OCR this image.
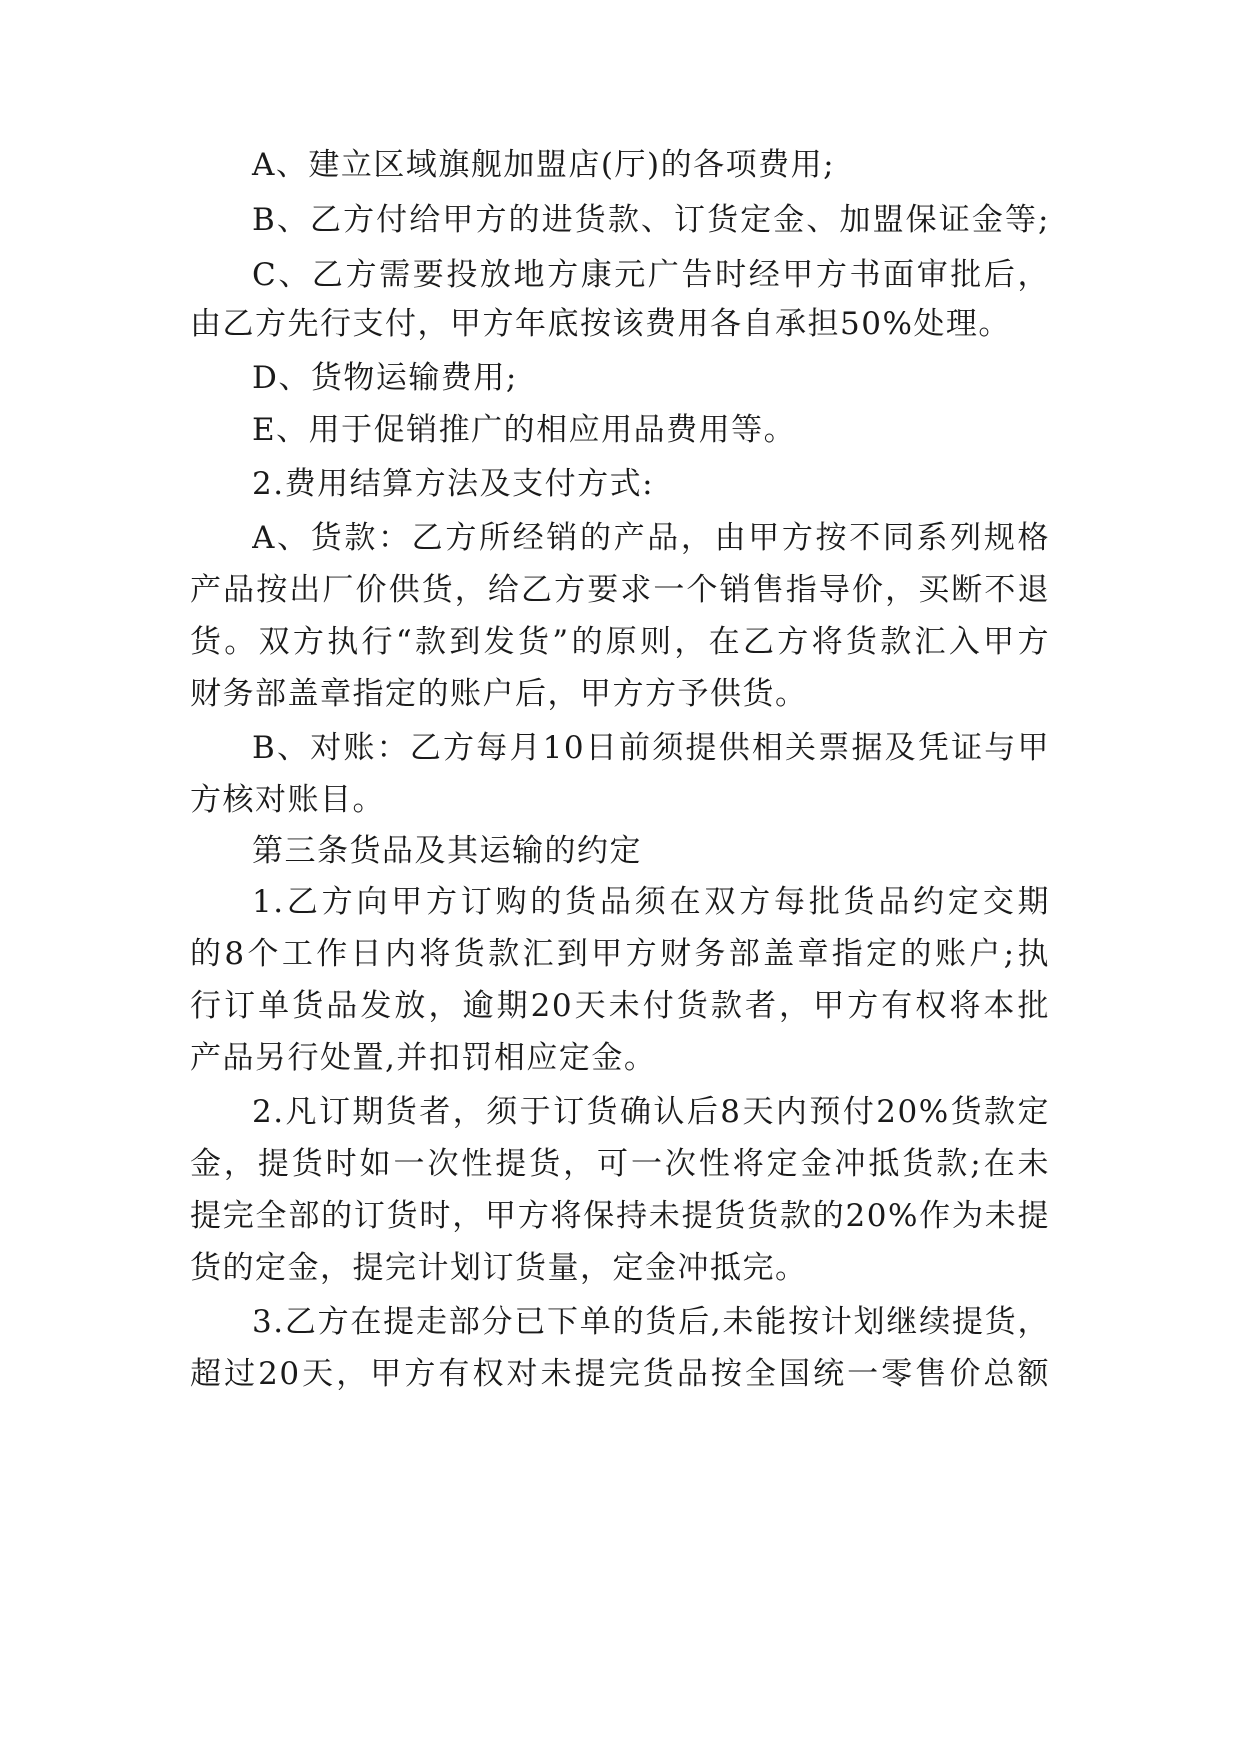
A、建立区域旗舰加盟店(厅)的各项费用;
B、乙方付给甲方的进货款、订货定金、加盟保证金等;
C、乙方需要投放地方康元广告时经甲方书面审批后，
由乙方先行支付，甲方年底按该费用各自承担50%处理。
D、货物运输费用;
E、用于促销推广的相应用品费用等。
2.费用结算方法及支付方式:
A、货款：乙方所经销的产品，由甲方按不同系列规格
产品按出厂价供货，给乙方要求一个销售指导价，买断不退
货。双方执行“款到发货”的原则，在乙方将货款汇入甲方
财务部盖章指定的账户后，甲方方予供货。
B、对账：乙方每月10日前须提供相关票据及凭证与甲
方核对账目。
第三条货品及其运输的约定
1.乙方向甲方订购的货品须在双方每批货品约定交期
的8个工作日内将货款汇到甲方财务部盖章指定的账户;执
行订单货品发放，逾期20天未付货款者，甲方有权将本批
产品另行处置,并扣罚相应定金。
2.凡订期货者，须于订货确认后8天内预付20%货款定
金，提货时如一次性提货，可一次性将定金冲抵货款;在未
提完全部的订货时，甲方将保持未提货货款的20%作为未提
货的定金，提完计划订货量，定金冲抵完。
3.乙方在提走部分已下单的货后,未能按计划继续提货，
超过20天，甲方有权对未提完货品按全国统一零售价总额
